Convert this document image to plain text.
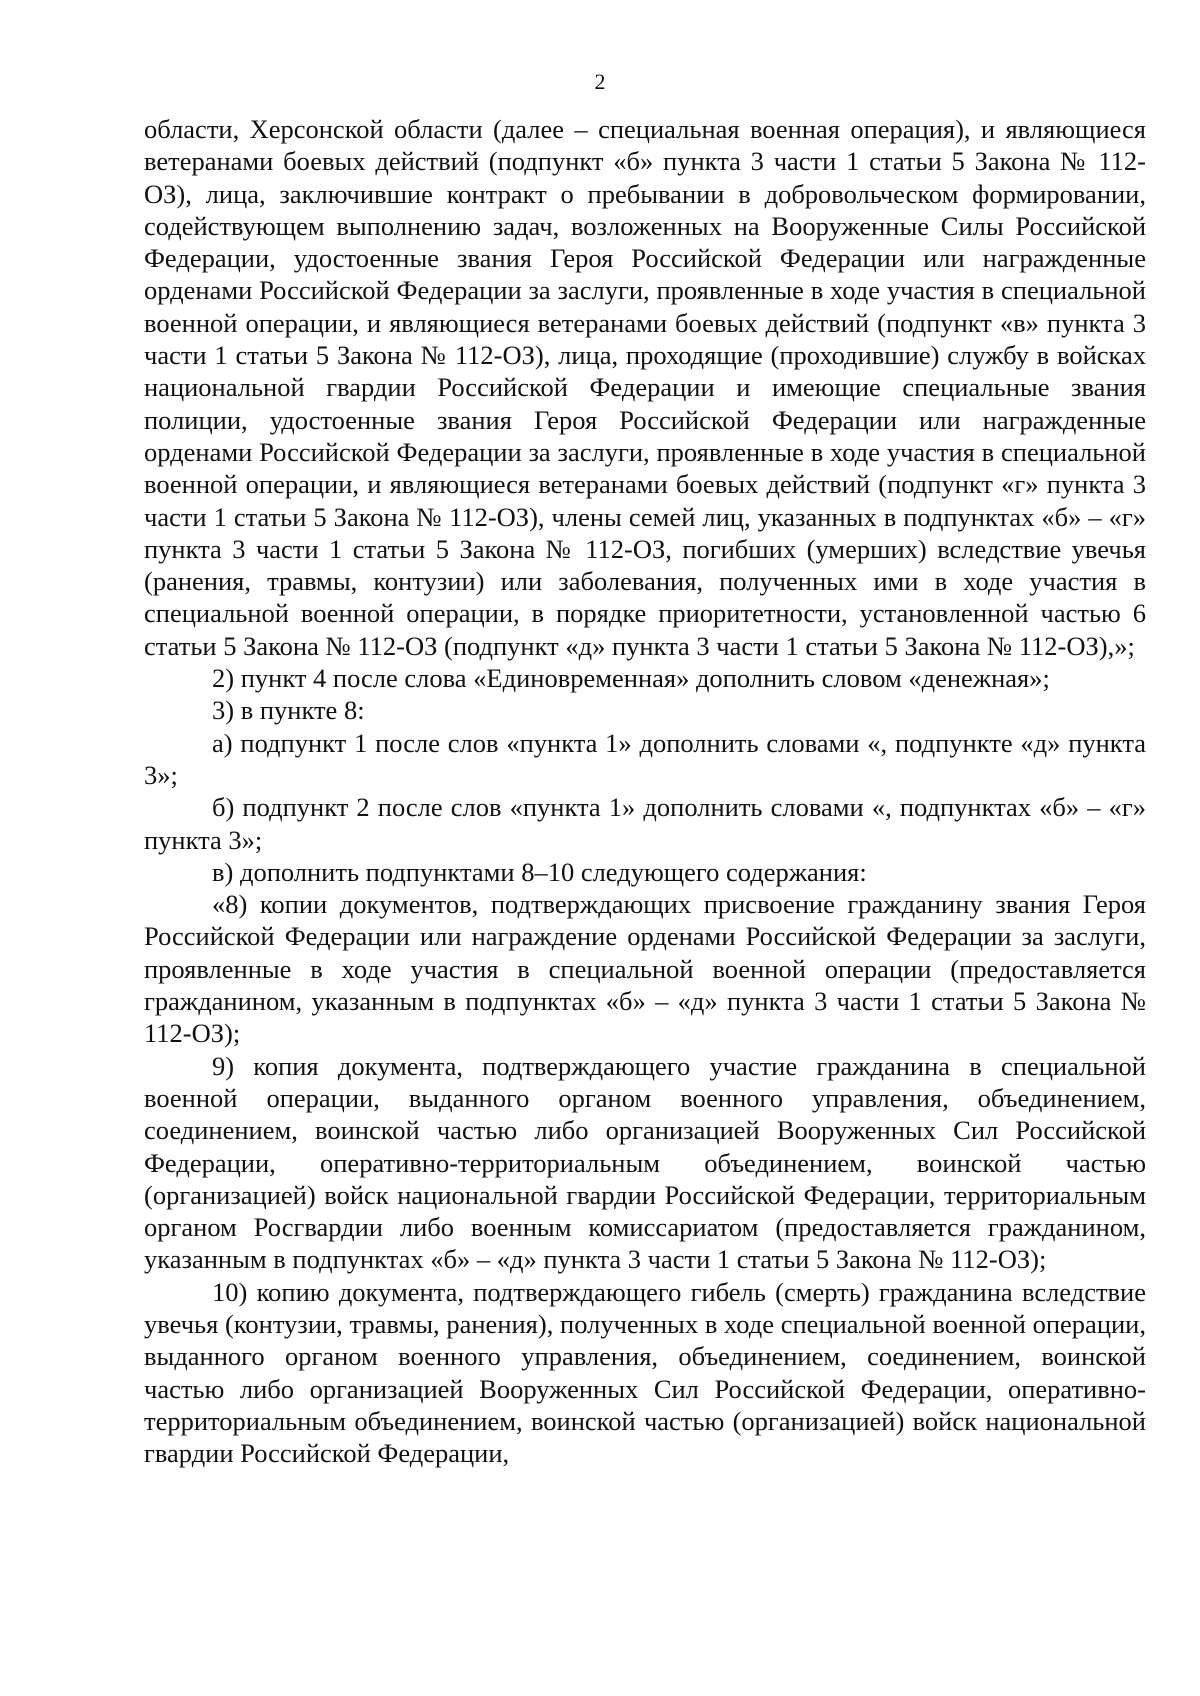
2

области, Херсонской области (далее – специальная военная операция), и являющиеся ветеранами боевых действий (подпункт «б» пункта 3 части 1 статьи 5 Закона № 112-ОЗ), лица, заключившие контракт о пребывании в добровольческом формировании, содействующем выполнению задач, возложенных на Вооруженные Силы Российской Федерации, удостоенные звания Героя Российской Федерации или награжденные орденами Российской Федерации за заслуги, проявленные в ходе участия в специальной военной операции, и являющиеся ветеранами боевых действий (подпункт «в» пункта 3 части 1 статьи 5 Закона № 112-ОЗ), лица, проходящие (проходившие) службу в войсках национальной гвардии Российской Федерации и имеющие специальные звания полиции, удостоенные звания Героя Российской Федерации или награжденные орденами Российской Федерации за заслуги, проявленные в ходе участия в специальной военной операции, и являющиеся ветеранами боевых действий (подпункт «г» пункта 3 части 1 статьи 5 Закона № 112-ОЗ), члены семей лиц, указанных в подпунктах «б» – «г» пункта 3 части 1 статьи 5 Закона № 112-ОЗ, погибших (умерших) вследствие увечья (ранения, травмы, контузии) или заболевания, полученных ими в ходе участия в специальной военной операции, в порядке приоритетности, установленной частью 6 статьи 5 Закона № 112-ОЗ (подпункт «д» пункта 3 части 1 статьи 5 Закона № 112-ОЗ),»;

2) пункт 4 после слова «Единовременная» дополнить словом «денежная»;

3) в пункте 8:

а) подпункт 1 после слов «пункта 1» дополнить словами «, подпункте «д» пункта 3»;

б) подпункт 2 после слов «пункта 1» дополнить словами «, подпунктах «б» – «г» пункта 3»;

в) дополнить подпунктами 8–10 следующего содержания:

«8) копии документов, подтверждающих присвоение гражданину звания Героя Российской Федерации или награждение орденами Российской Федерации за заслуги, проявленные в ходе участия в специальной военной операции (предоставляется гражданином, указанным в подпунктах «б» – «д» пункта 3 части 1 статьи 5 Закона № 112-ОЗ);

9) копия документа, подтверждающего участие гражданина в специальной военной операции, выданного органом военного управления, объединением, соединением, воинской частью либо организацией Вооруженных Сил Российской Федерации, оперативно-территориальным объединением, воинской частью (организацией) войск национальной гвардии Российской Федерации, территориальным органом Росгвардии либо военным комиссариатом (предоставляется гражданином, указанным в подпунктах «б» – «д» пункта 3 части 1 статьи 5 Закона № 112-ОЗ);

10) копию документа, подтверждающего гибель (смерть) гражданина вследствие увечья (контузии, травмы, ранения), полученных в ходе специальной военной операции, выданного органом военного управления, объединением, соединением, воинской частью либо организацией Вооруженных Сил Российской Федерации, оперативно-территориальным объединением, воинской частью (организацией) войск национальной гвардии Российской Федерации,
